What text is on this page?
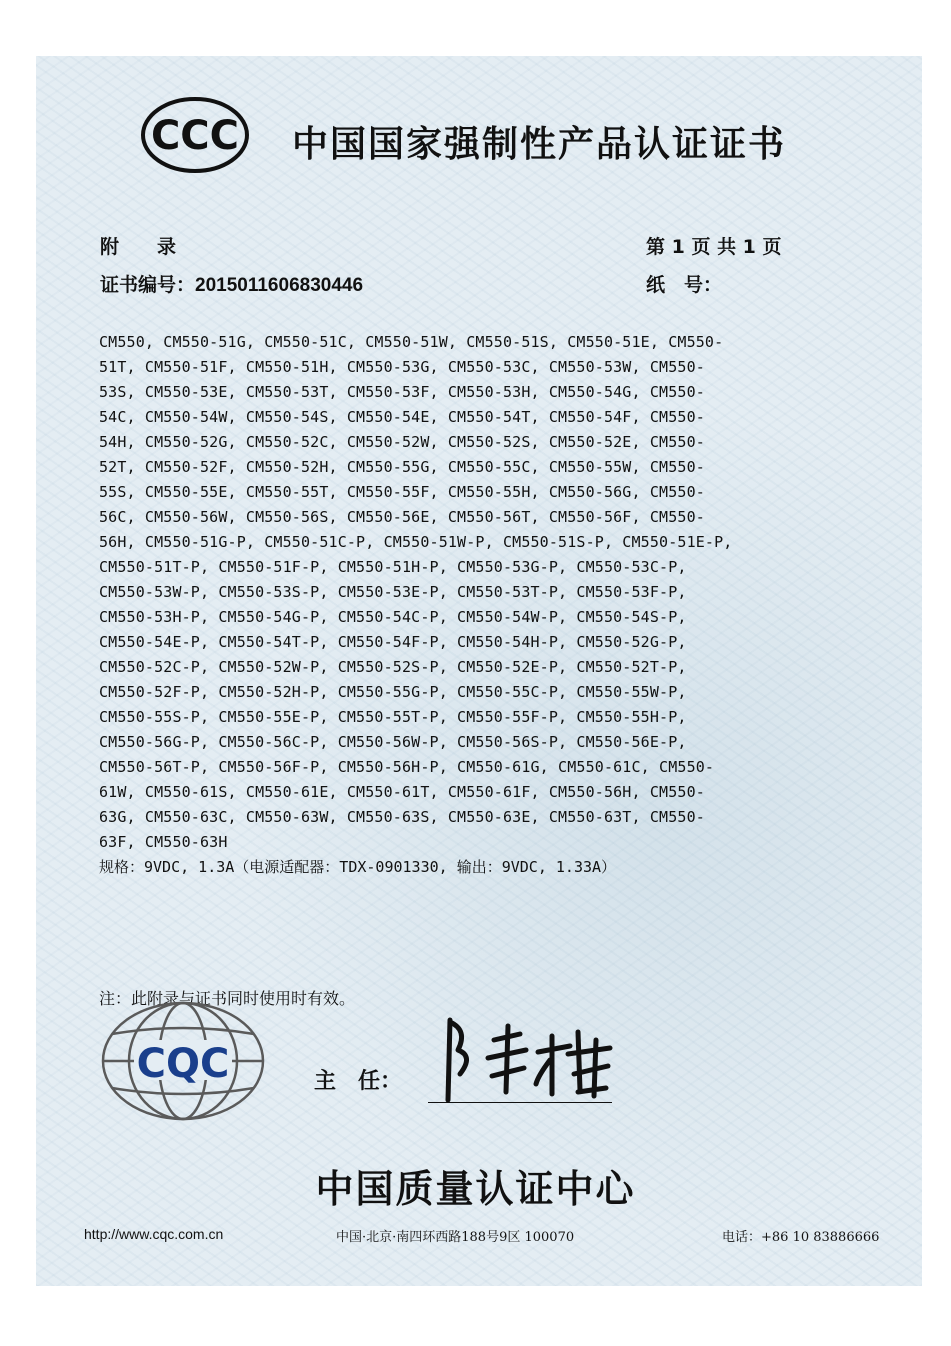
CCC 中国国家强制性产品认证证书
附　　录	第 1 页 共 1 页
证书编号：2015011606830446	纸　号：
CM550, CM550-51G, CM550-51C, CM550-51W, CM550-51S, CM550-51E, CM550-51T, CM550-51F, CM550-51H, CM550-53G, CM550-53C, CM550-53W, CM550-53S, CM550-53E, CM550-53T, CM550-53F, CM550-53H, CM550-54G, CM550-54C, CM550-54W, CM550-54S, CM550-54E, CM550-54T, CM550-54F, CM550-54H, CM550-52G, CM550-52C, CM550-52W, CM550-52S, CM550-52E, CM550-52T, CM550-52F, CM550-52H, CM550-55G, CM550-55C, CM550-55W, CM550-55S, CM550-55E, CM550-55T, CM550-55F, CM550-55H, CM550-56G, CM550-56C, CM550-56W, CM550-56S, CM550-56E, CM550-56T, CM550-56F, CM550-56H, CM550-51G-P, CM550-51C-P, CM550-51W-P, CM550-51S-P, CM550-51E-P, CM550-51T-P, CM550-51F-P, CM550-51H-P, CM550-53G-P, CM550-53C-P, CM550-53W-P, CM550-53S-P, CM550-53E-P, CM550-53T-P, CM550-53F-P, CM550-53H-P, CM550-54G-P, CM550-54C-P, CM550-54W-P, CM550-54S-P, CM550-54E-P, CM550-54T-P, CM550-54F-P, CM550-54H-P, CM550-52G-P, CM550-52C-P, CM550-52W-P, CM550-52S-P, CM550-52E-P, CM550-52T-P, CM550-52F-P, CM550-52H-P, CM550-55G-P, CM550-55C-P, CM550-55W-P, CM550-55S-P, CM550-55E-P, CM550-55T-P, CM550-55F-P, CM550-55H-P, CM550-56G-P, CM550-56C-P, CM550-56W-P, CM550-56S-P, CM550-56E-P, CM550-56T-P, CM550-56F-P, CM550-56H-P, CM550-61G, CM550-61C, CM550-61W, CM550-61S, CM550-61E, CM550-61T, CM550-61F, CM550-56H, CM550-63G, CM550-63C, CM550-63W, CM550-63S, CM550-63E, CM550-63T, CM550-63F, CM550-63H
规格：9VDC, 1.3A（电源适配器：TDX-0901330, 输出：9VDC, 1.33A）
注：此附录与证书同时使用时有效。
CQC	主　任：
中国质量认证中心
http://www.cqc.com.cn	中国·北京·南四环西路188号9区 100070	电话：+86 10 83886666
